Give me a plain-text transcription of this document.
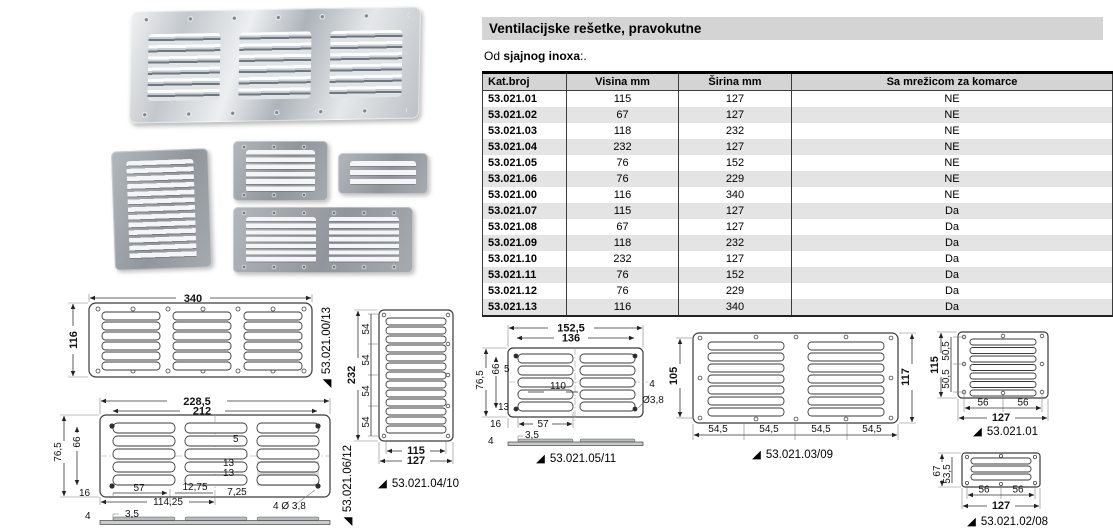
Ventilacijske rešetke, pravokutne
Od sjajnog inoxa:.
Kat.broj	Visina mm	Širina mm	Sa mrežicom za komarce
53.021.01	115	127	NE
53.021.02	67	127	NE
53.021.03	118	232	NE
53.021.04	232	127	NE
53.021.05	76	152	NE
53.021.06	76	229	NE
53.021.00	116	340	NE
53.021.07	115	127	Da
53.021.08	67	127	Da
53.021.09	118	232	Da
53.021.10	232	127	Da
53.021.11	76	152	Da
53.021.12	76	229	Da
53.021.13	116	340	Da
340
116
◢53.021.00/13
228,5
212
76,5
66	5
13
13
16	57
114,25
12,75 7,25
4 Ø 3,8
4	3,5
◢53.021.06/12
232
54
54
54
54
115
127
◢ 53.021.04/10
152,5
136
76,5
66 5
13
110
16	57
4
3,5
4
Ø3,8
◢ 53.021.05/11
105	117
54,5	54,5	54,5	54,5
◢ 53.021.03/09
115
50,5
50,5
56	56
127
◢ 53.021.01
67 53,5
56 56
127
◢ 53.021.02/08
